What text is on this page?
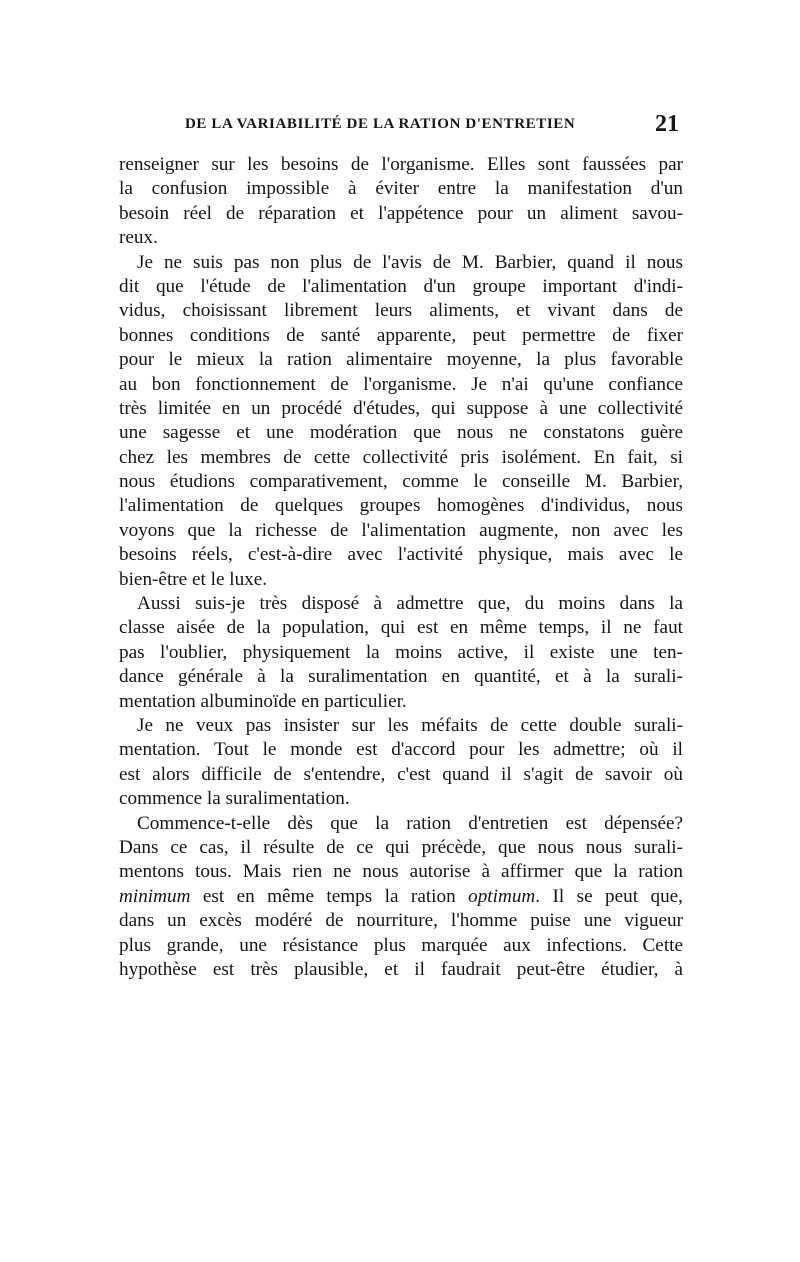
DE LA VARIABILITÉ DE LA RATION D'ENTRETIEN	21
renseigner sur les besoins de l'organisme. Elles sont faussées par
la confusion impossible à éviter entre la manifestation d'un
besoin réel de réparation et l'appétence pour un aliment savou-
reux.
Je ne suis pas non plus de l'avis de M. Barbier, quand il nous
dit que l'étude de l'alimentation d'un groupe important d'indi-
vidus, choisissant librement leurs aliments, et vivant dans de
bonnes conditions de santé apparente, peut permettre de fixer
pour le mieux la ration alimentaire moyenne, la plus favorable
au bon fonctionnement de l'organisme. Je n'ai qu'une confiance
très limitée en un procédé d'études, qui suppose à une collectivité
une sagesse et une modération que nous ne constatons guère
chez les membres de cette collectivité pris isolément. En fait, si
nous étudions comparativement, comme le conseille M. Barbier,
l'alimentation de quelques groupes homogènes d'individus, nous
voyons que la richesse de l'alimentation augmente, non avec les
besoins réels, c'est-à-dire avec l'activité physique, mais avec le
bien-être et le luxe.
Aussi suis-je très disposé à admettre que, du moins dans la
classe aisée de la population, qui est en même temps, il ne faut
pas l'oublier, physiquement la moins active, il existe une ten-
dance générale à la suralimentation en quantité, et à la surali-
mentation albuminoïde en particulier.
Je ne veux pas insister sur les méfaits de cette double surali-
mentation. Tout le monde est d'accord pour les admettre; où il
est alors difficile de s'entendre, c'est quand il s'agit de savoir où
commence la suralimentation.
Commence-t-elle dès que la ration d'entretien est dépensée?
Dans ce cas, il résulte de ce qui précède, que nous nous surali-
mentons tous. Mais rien ne nous autorise à affirmer que la ration
minimum est en même temps la ration optimum. Il se peut que,
dans un excès modéré de nourriture, l'homme puise une vigueur
plus grande, une résistance plus marquée aux infections. Cette
hypothèse est très plausible, et il faudrait peut-être étudier, à
